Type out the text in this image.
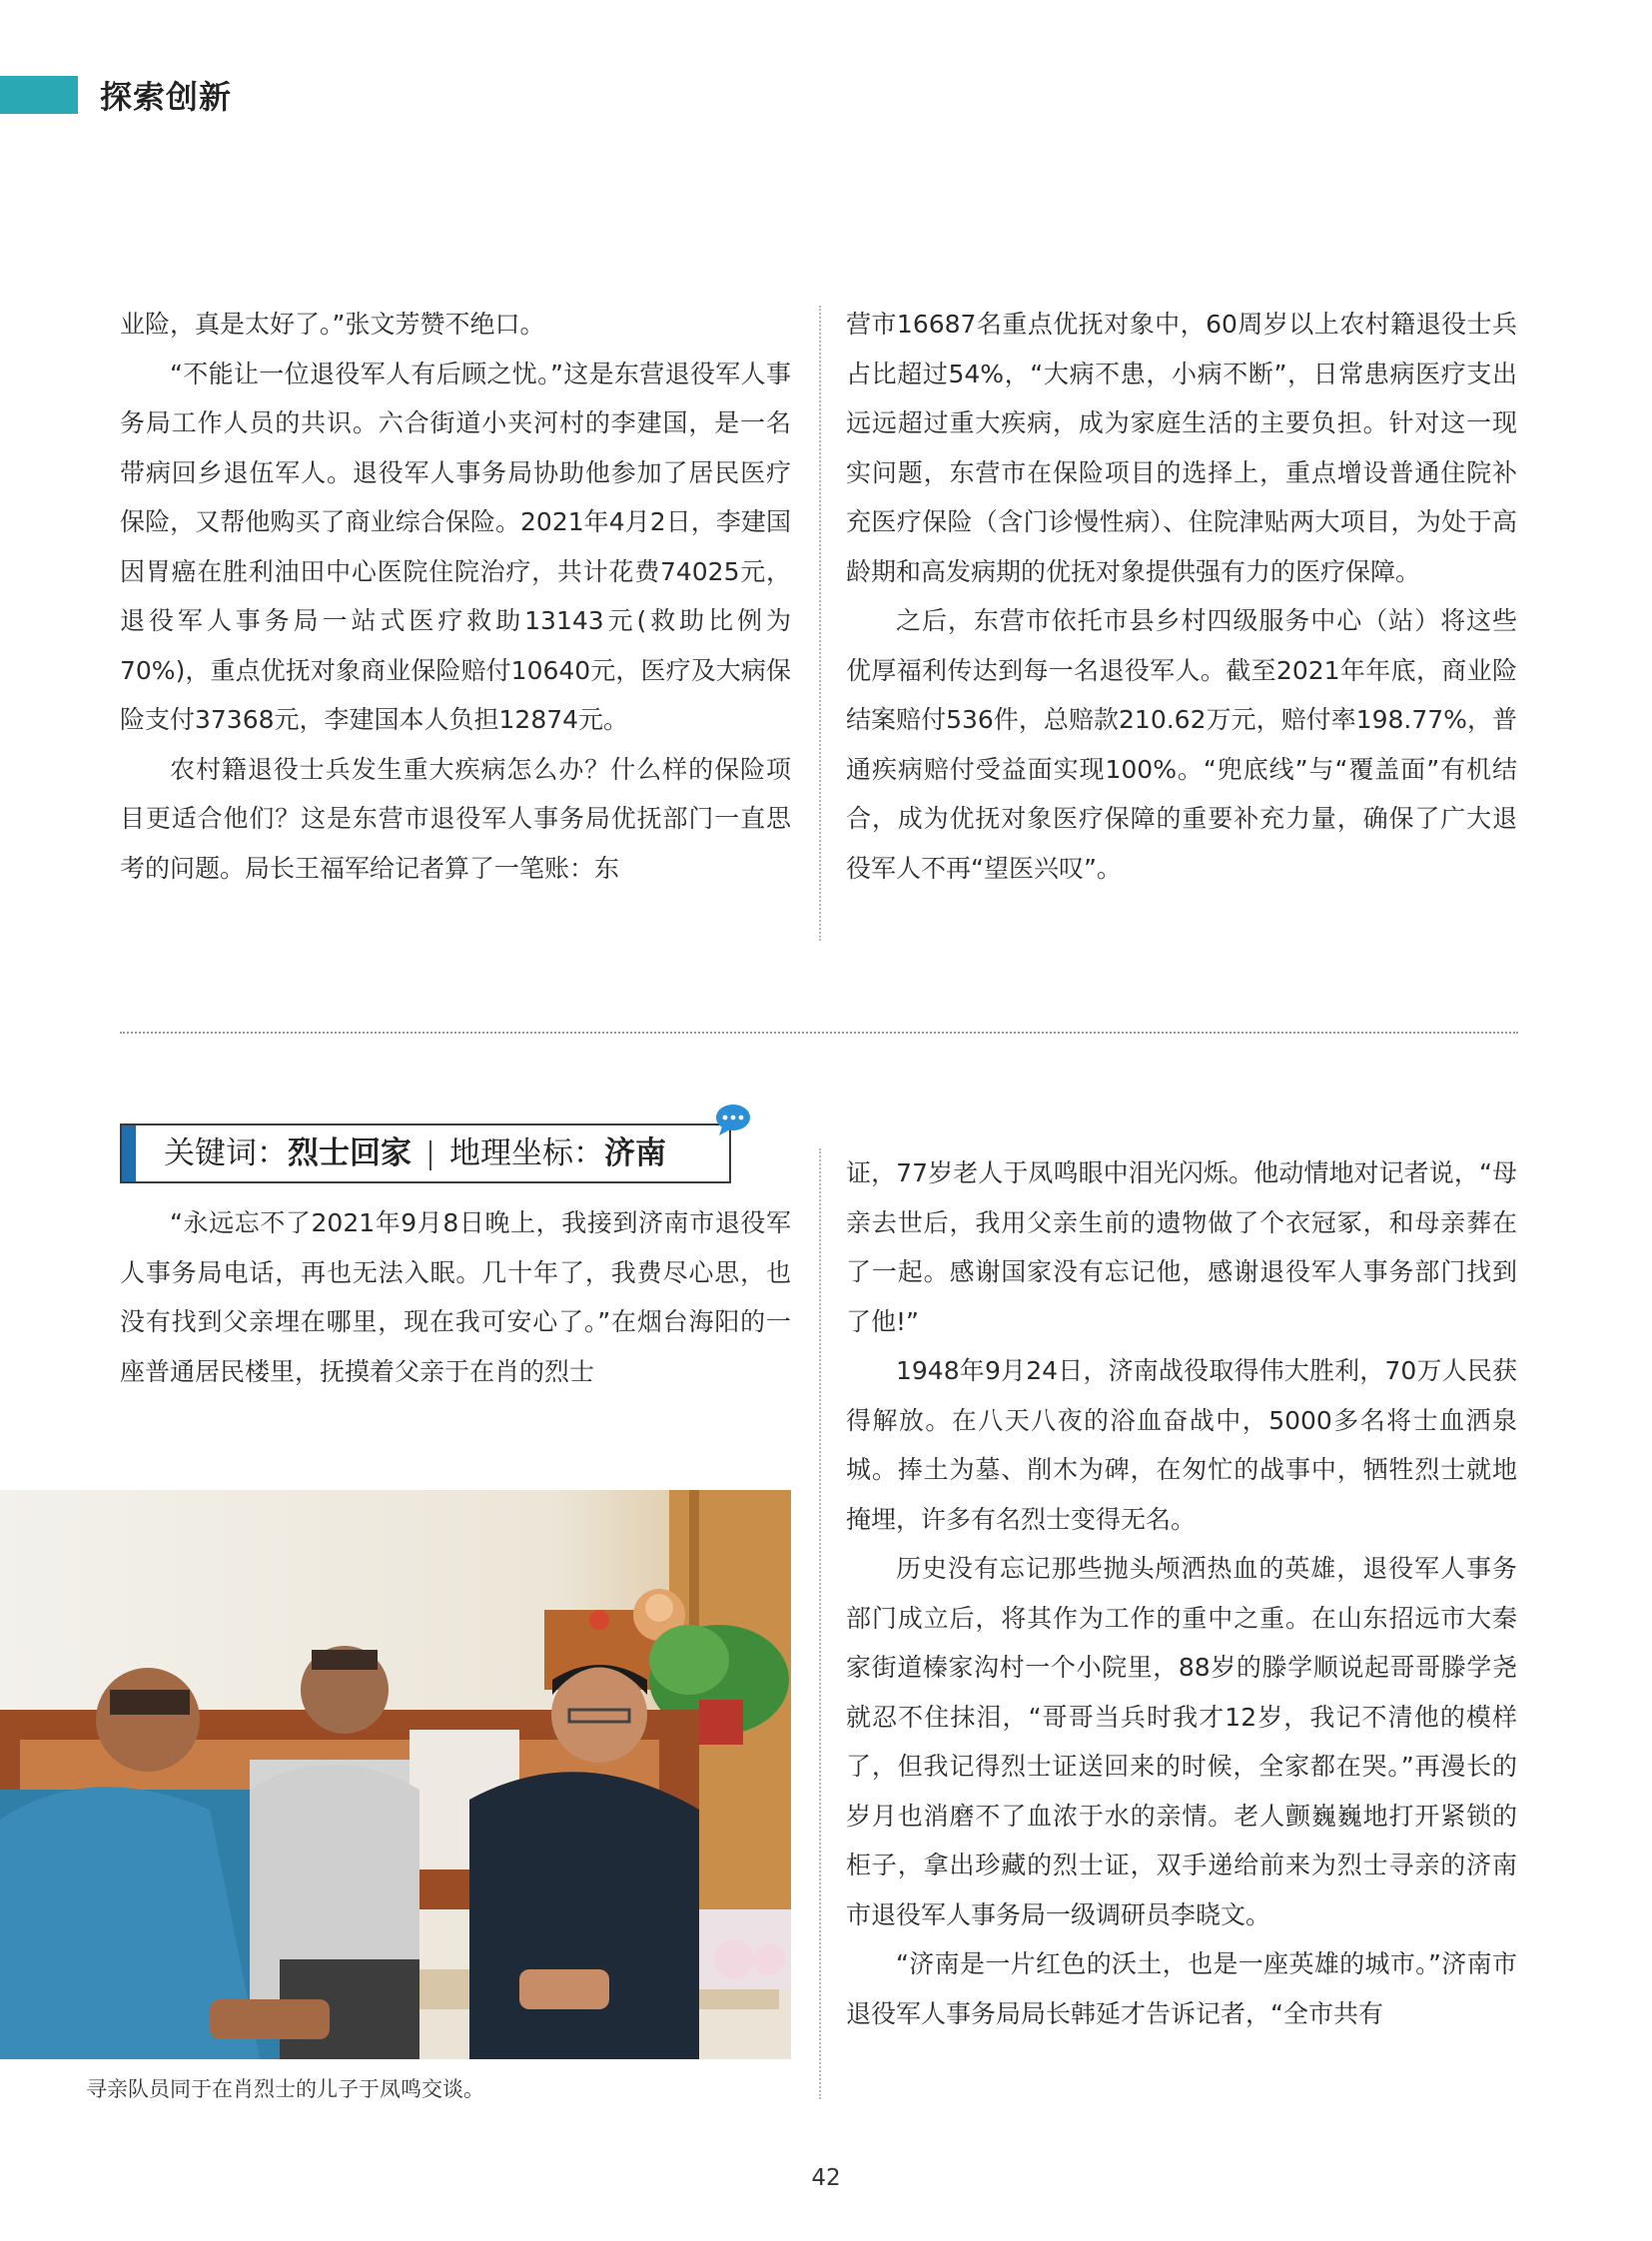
探索创新

业险，真是太好了。”张文芳赞不绝口。

“不能让一位退役军人有后顾之忧。”这是东营退役军人事务局工作人员的共识。六合街道小夹河村的李建国，是一名带病回乡退伍军人。退役军人事务局协助他参加了居民医疗保险，又帮他购买了商业综合保险。2021年4月2日，李建国因胃癌在胜利油田中心医院住院治疗，共计花费74025元，退役军人事务局一站式医疗救助13143元(救助比例为70%)，重点优抚对象商业保险赔付10640元，医疗及大病保险支付37368元，李建国本人负担12874元。

农村籍退役士兵发生重大疾病怎么办？什么样的保险项目更适合他们？这是东营市退役军人事务局优抚部门一直思考的问题。局长王福军给记者算了一笔账：东

营市16687名重点优抚对象中，60周岁以上农村籍退役士兵占比超过54%，“大病不患，小病不断”，日常患病医疗支出远远超过重大疾病，成为家庭生活的主要负担。针对这一现实问题，东营市在保险项目的选择上，重点增设普通住院补充医疗保险（含门诊慢性病）、住院津贴两大项目，为处于高龄期和高发病期的优抚对象提供强有力的医疗保障。

之后，东营市依托市县乡村四级服务中心（站）将这些优厚福利传达到每一名退役军人。截至2021年年底，商业险结案赔付536件，总赔款210.62万元，赔付率198.77%，普通疾病赔付受益面实现100%。“兜底线”与“覆盖面”有机结合，成为优抚对象医疗保障的重要补充力量，确保了广大退役军人不再“望医兴叹”。

关键词：烈士回家 地理坐标：济南

“永远忘不了2021年9月8日晚上，我接到济南市退役军人事务局电话，再也无法入眠。几十年了，我费尽心思，也没有找到父亲埋在哪里，现在我可安心了。”在烟台海阳的一座普通居民楼里，抚摸着父亲于在肖的烈士

寻亲队员同于在肖烈士的儿子于凤鸣交谈。

证，77岁老人于凤鸣眼中泪光闪烁。他动情地对记者说，“母亲去世后，我用父亲生前的遗物做了个衣冠冢，和母亲葬在了一起。感谢国家没有忘记他，感谢退役军人事务部门找到了他!”

1948年9月24日，济南战役取得伟大胜利，70万人民获得解放。在八天八夜的浴血奋战中，5000多名将士血洒泉城。捧土为墓、削木为碑，在匆忙的战事中，牺牲烈士就地掩埋，许多有名烈士变得无名。

历史没有忘记那些抛头颅洒热血的英雄，退役军人事务部门成立后，将其作为工作的重中之重。在山东招远市大秦家街道榛家沟村一个小院里，88岁的滕学顺说起哥哥滕学尧就忍不住抹泪，“哥哥当兵时我才12岁，我记不清他的模样了，但我记得烈士证送回来的时候，全家都在哭。”再漫长的岁月也消磨不了血浓于水的亲情。老人颤巍巍地打开紧锁的柜子，拿出珍藏的烈士证，双手递给前来为烈士寻亲的济南市退役军人事务局一级调研员李晓文。

“济南是一片红色的沃土，也是一座英雄的城市。”济南市退役军人事务局局长韩延才告诉记者，“全市共有

42
